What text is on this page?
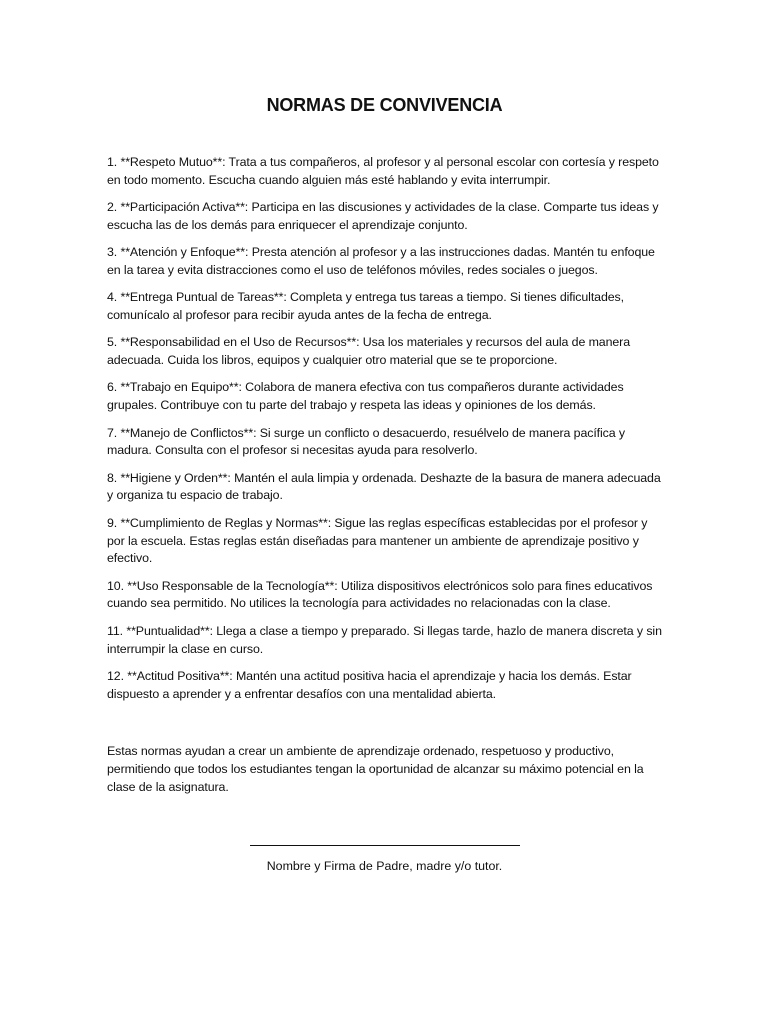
NORMAS DE CONVIVENCIA
1. **Respeto Mutuo**: Trata a tus compañeros, al profesor y al personal escolar con cortesía y respeto en todo momento. Escucha cuando alguien más esté hablando y evita interrumpir.
2. **Participación Activa**: Participa en las discusiones y actividades de la clase. Comparte tus ideas y escucha las de los demás para enriquecer el aprendizaje conjunto.
3. **Atención y Enfoque**: Presta atención al profesor y a las instrucciones dadas. Mantén tu enfoque en la tarea y evita distracciones como el uso de teléfonos móviles, redes sociales o juegos.
4. **Entrega Puntual de Tareas**: Completa y entrega tus tareas a tiempo. Si tienes dificultades, comunícalo al profesor para recibir ayuda antes de la fecha de entrega.
5. **Responsabilidad en el Uso de Recursos**: Usa los materiales y recursos del aula de manera adecuada. Cuida los libros, equipos y cualquier otro material que se te proporcione.
6. **Trabajo en Equipo**: Colabora de manera efectiva con tus compañeros durante actividades grupales. Contribuye con tu parte del trabajo y respeta las ideas y opiniones de los demás.
7. **Manejo de Conflictos**: Si surge un conflicto o desacuerdo, resuélvelo de manera pacífica y madura. Consulta con el profesor si necesitas ayuda para resolverlo.
8. **Higiene y Orden**: Mantén el aula limpia y ordenada. Deshazte de la basura de manera adecuada y organiza tu espacio de trabajo.
9. **Cumplimiento de Reglas y Normas**: Sigue las reglas específicas establecidas por el profesor y por la escuela. Estas reglas están diseñadas para mantener un ambiente de aprendizaje positivo y efectivo.
10. **Uso Responsable de la Tecnología**: Utiliza dispositivos electrónicos solo para fines educativos cuando sea permitido. No utilices la tecnología para actividades no relacionadas con la clase.
11. **Puntualidad**: Llega a clase a tiempo y preparado. Si llegas tarde, hazlo de manera discreta y sin interrumpir la clase en curso.
12. **Actitud Positiva**: Mantén una actitud positiva hacia el aprendizaje y hacia los demás. Estar dispuesto a aprender y a enfrentar desafíos con una mentalidad abierta.

Estas normas ayudan a crear un ambiente de aprendizaje ordenado, respetuoso y productivo, permitiendo que todos los estudiantes tengan la oportunidad de alcanzar su máximo potencial en la clase de la asignatura.

Nombre y Firma de Padre, madre y/o tutor.
